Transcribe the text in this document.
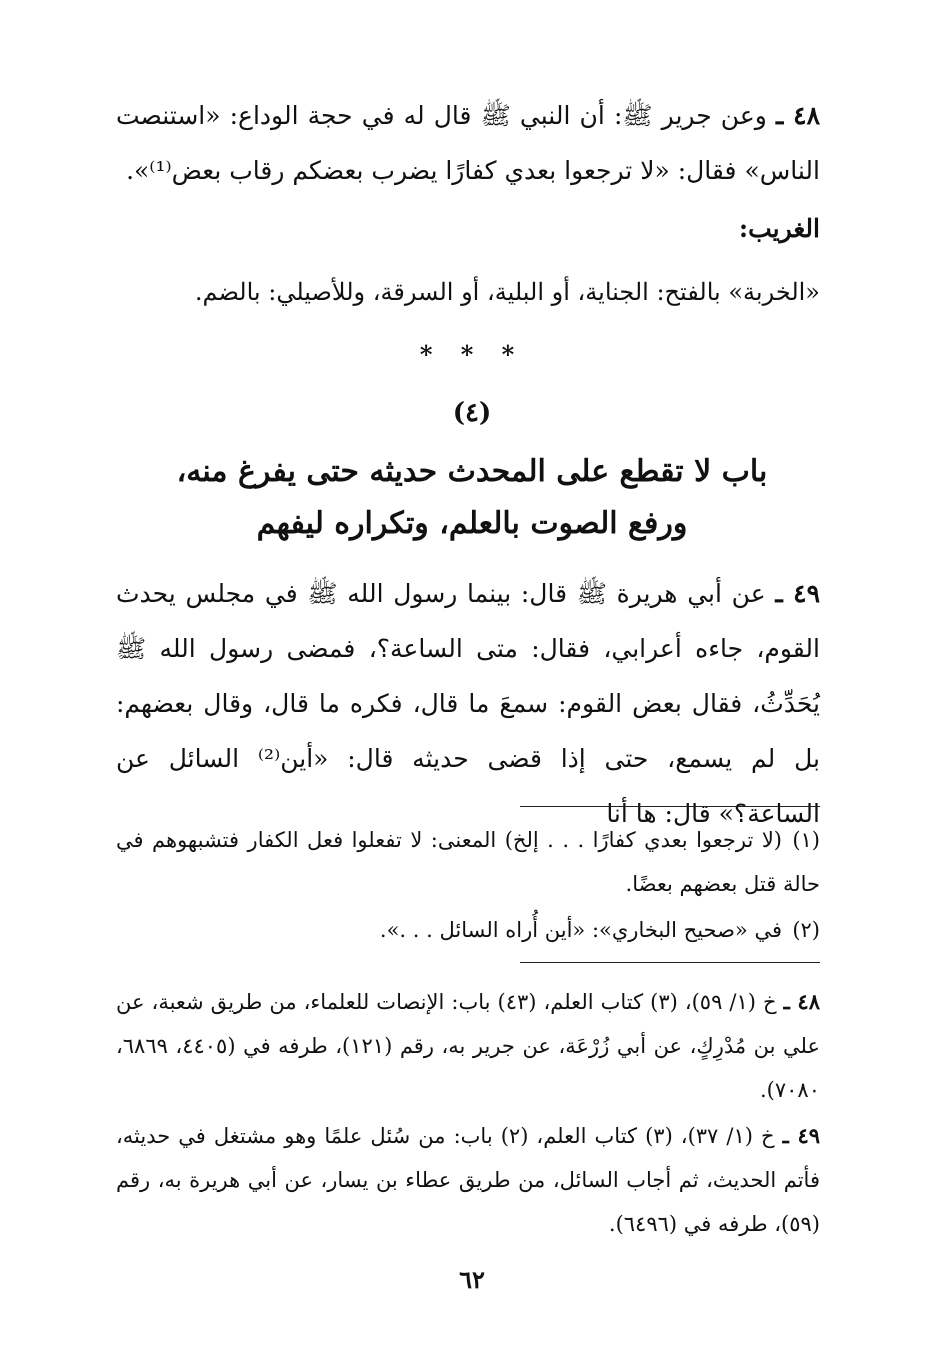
٤٨ ـ وعن جرير ﷺ: أن النبي ﷺ قال له في حجة الوداع: «استنصت الناس» فقال: «لا ترجعوا بعدي كفارًا يضرب بعضكم رقاب بعض⁽¹⁾».
الغريب:
«الخربة» بالفتح: الجناية، أو البلية، أو السرقة، وللأصيلي: بالضم.
* * *
(٤)
باب لا تقطع على المحدث حديثه حتى يفرغ منه،
ورفع الصوت بالعلم، وتكراره ليفهم
٤٩ ـ عن أبي هريرة ﷺ قال: بينما رسول الله ﷺ في مجلس يحدث القوم، جاءه أعرابي، فقال: متى الساعة؟، فمضى رسول الله ﷺ يُحَدِّثُ، فقال بعض القوم: سمعَ ما قال، فكره ما قال، وقال بعضهم: بل لم يسمع، حتى إذا قضى حديثه قال: «أين⁽²⁾ السائل عن الساعة؟» قال: ها أنا
(١)(لا ترجعوا بعدي كفارًا . . . إلخ) المعنى: لا تفعلوا فعل الكفار فتشبهوهم في حالة قتل بعضهم بعضًا.
(٢)في «صحيح البخاري»: «أين أُراه السائل . . .».
٤٨ ـ خ (١/ ٥٩)، (٣) كتاب العلم، (٤٣) باب: الإنصات للعلماء، من طريق شعبة، عن علي بن مُدْرِكٍ، عن أبي زُرْعَة، عن جرير به، رقم (١٢١)، طرفه في (٤٤٠٥، ٦٨٦٩، ٧٠٨٠).
٤٩ ـ خ (١/ ٣٧)، (٣) كتاب العلم، (٢) باب: من سُئل علمًا وهو مشتغل في حديثه، فأتم الحديث، ثم أجاب السائل، من طريق عطاء بن يسار، عن أبي هريرة به، رقم (٥٩)، طرفه في (٦٤٩٦).
٦٢
